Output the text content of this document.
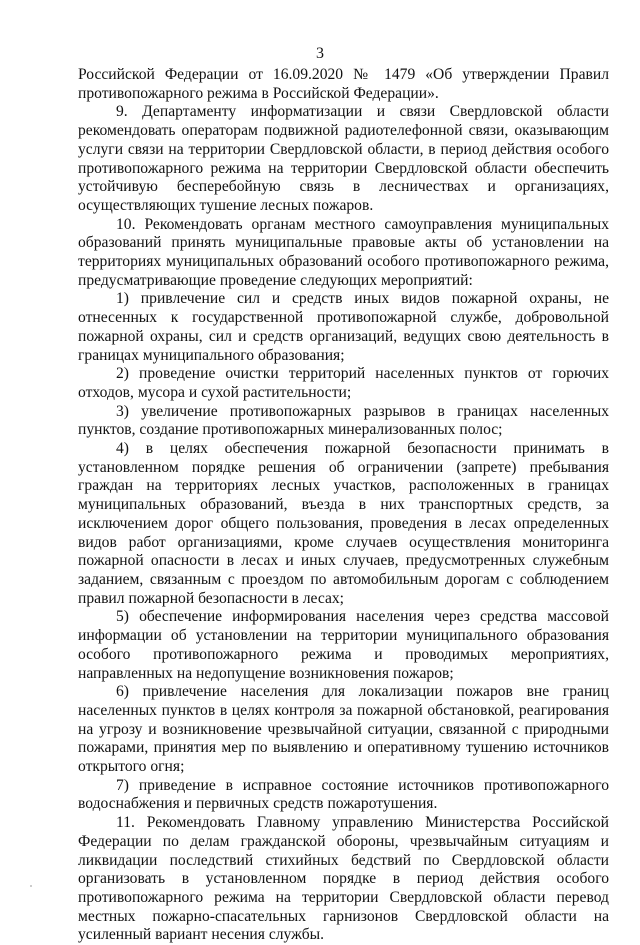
3

Российской Федерации от 16.09.2020 № 1479 «Об утверждении Правил противопожарного режима в Российской Федерации».

9. Департаменту информатизации и связи Свердловской области рекомендовать операторам подвижной радиотелефонной связи, оказывающим услуги связи на территории Свердловской области, в период действия особого противопожарного режима на территории Свердловской области обеспечить устойчивую бесперебойную связь в лесничествах и организациях, осуществляющих тушение лесных пожаров.

10. Рекомендовать органам местного самоуправления муниципальных образований принять муниципальные правовые акты об установлении на территориях муниципальных образований особого противопожарного режима, предусматривающие проведение следующих мероприятий:

1) привлечение сил и средств иных видов пожарной охраны, не отнесенных к государственной противопожарной службе, добровольной пожарной охраны, сил и средств организаций, ведущих свою деятельность в границах муниципального образования;

2) проведение очистки территорий населенных пунктов от горючих отходов, мусора и сухой растительности;

3) увеличение противопожарных разрывов в границах населенных пунктов, создание противопожарных минерализованных полос;

4) в целях обеспечения пожарной безопасности принимать в установленном порядке решения об ограничении (запрете) пребывания граждан на территориях лесных участков, расположенных в границах муниципальных образований, въезда в них транспортных средств, за исключением дорог общего пользования, проведения в лесах определенных видов работ организациями, кроме случаев осуществления мониторинга пожарной опасности в лесах и иных случаев, предусмотренных служебным заданием, связанным с проездом по автомобильным дорогам с соблюдением правил пожарной безопасности в лесах;

5) обеспечение информирования населения через средства массовой информации об установлении на территории муниципального образования особого противопожарного режима и проводимых мероприятиях, направленных на недопущение возникновения пожаров;

6) привлечение населения для локализации пожаров вне границ населенных пунктов в целях контроля за пожарной обстановкой, реагирования на угрозу и возникновение чрезвычайной ситуации, связанной с природными пожарами, принятия мер по выявлению и оперативному тушению источников открытого огня;

7) приведение в исправное состояние источников противопожарного водоснабжения и первичных средств пожаротушения.

11. Рекомендовать Главному управлению Министерства Российской Федерации по делам гражданской обороны, чрезвычайным ситуациям и ликвидации последствий стихийных бедствий по Свердловской области организовать в установленном порядке в период действия особого противопожарного режима на территории Свердловской области перевод местных пожарно-спасательных гарнизонов Свердловской области на усиленный вариант несения службы.
